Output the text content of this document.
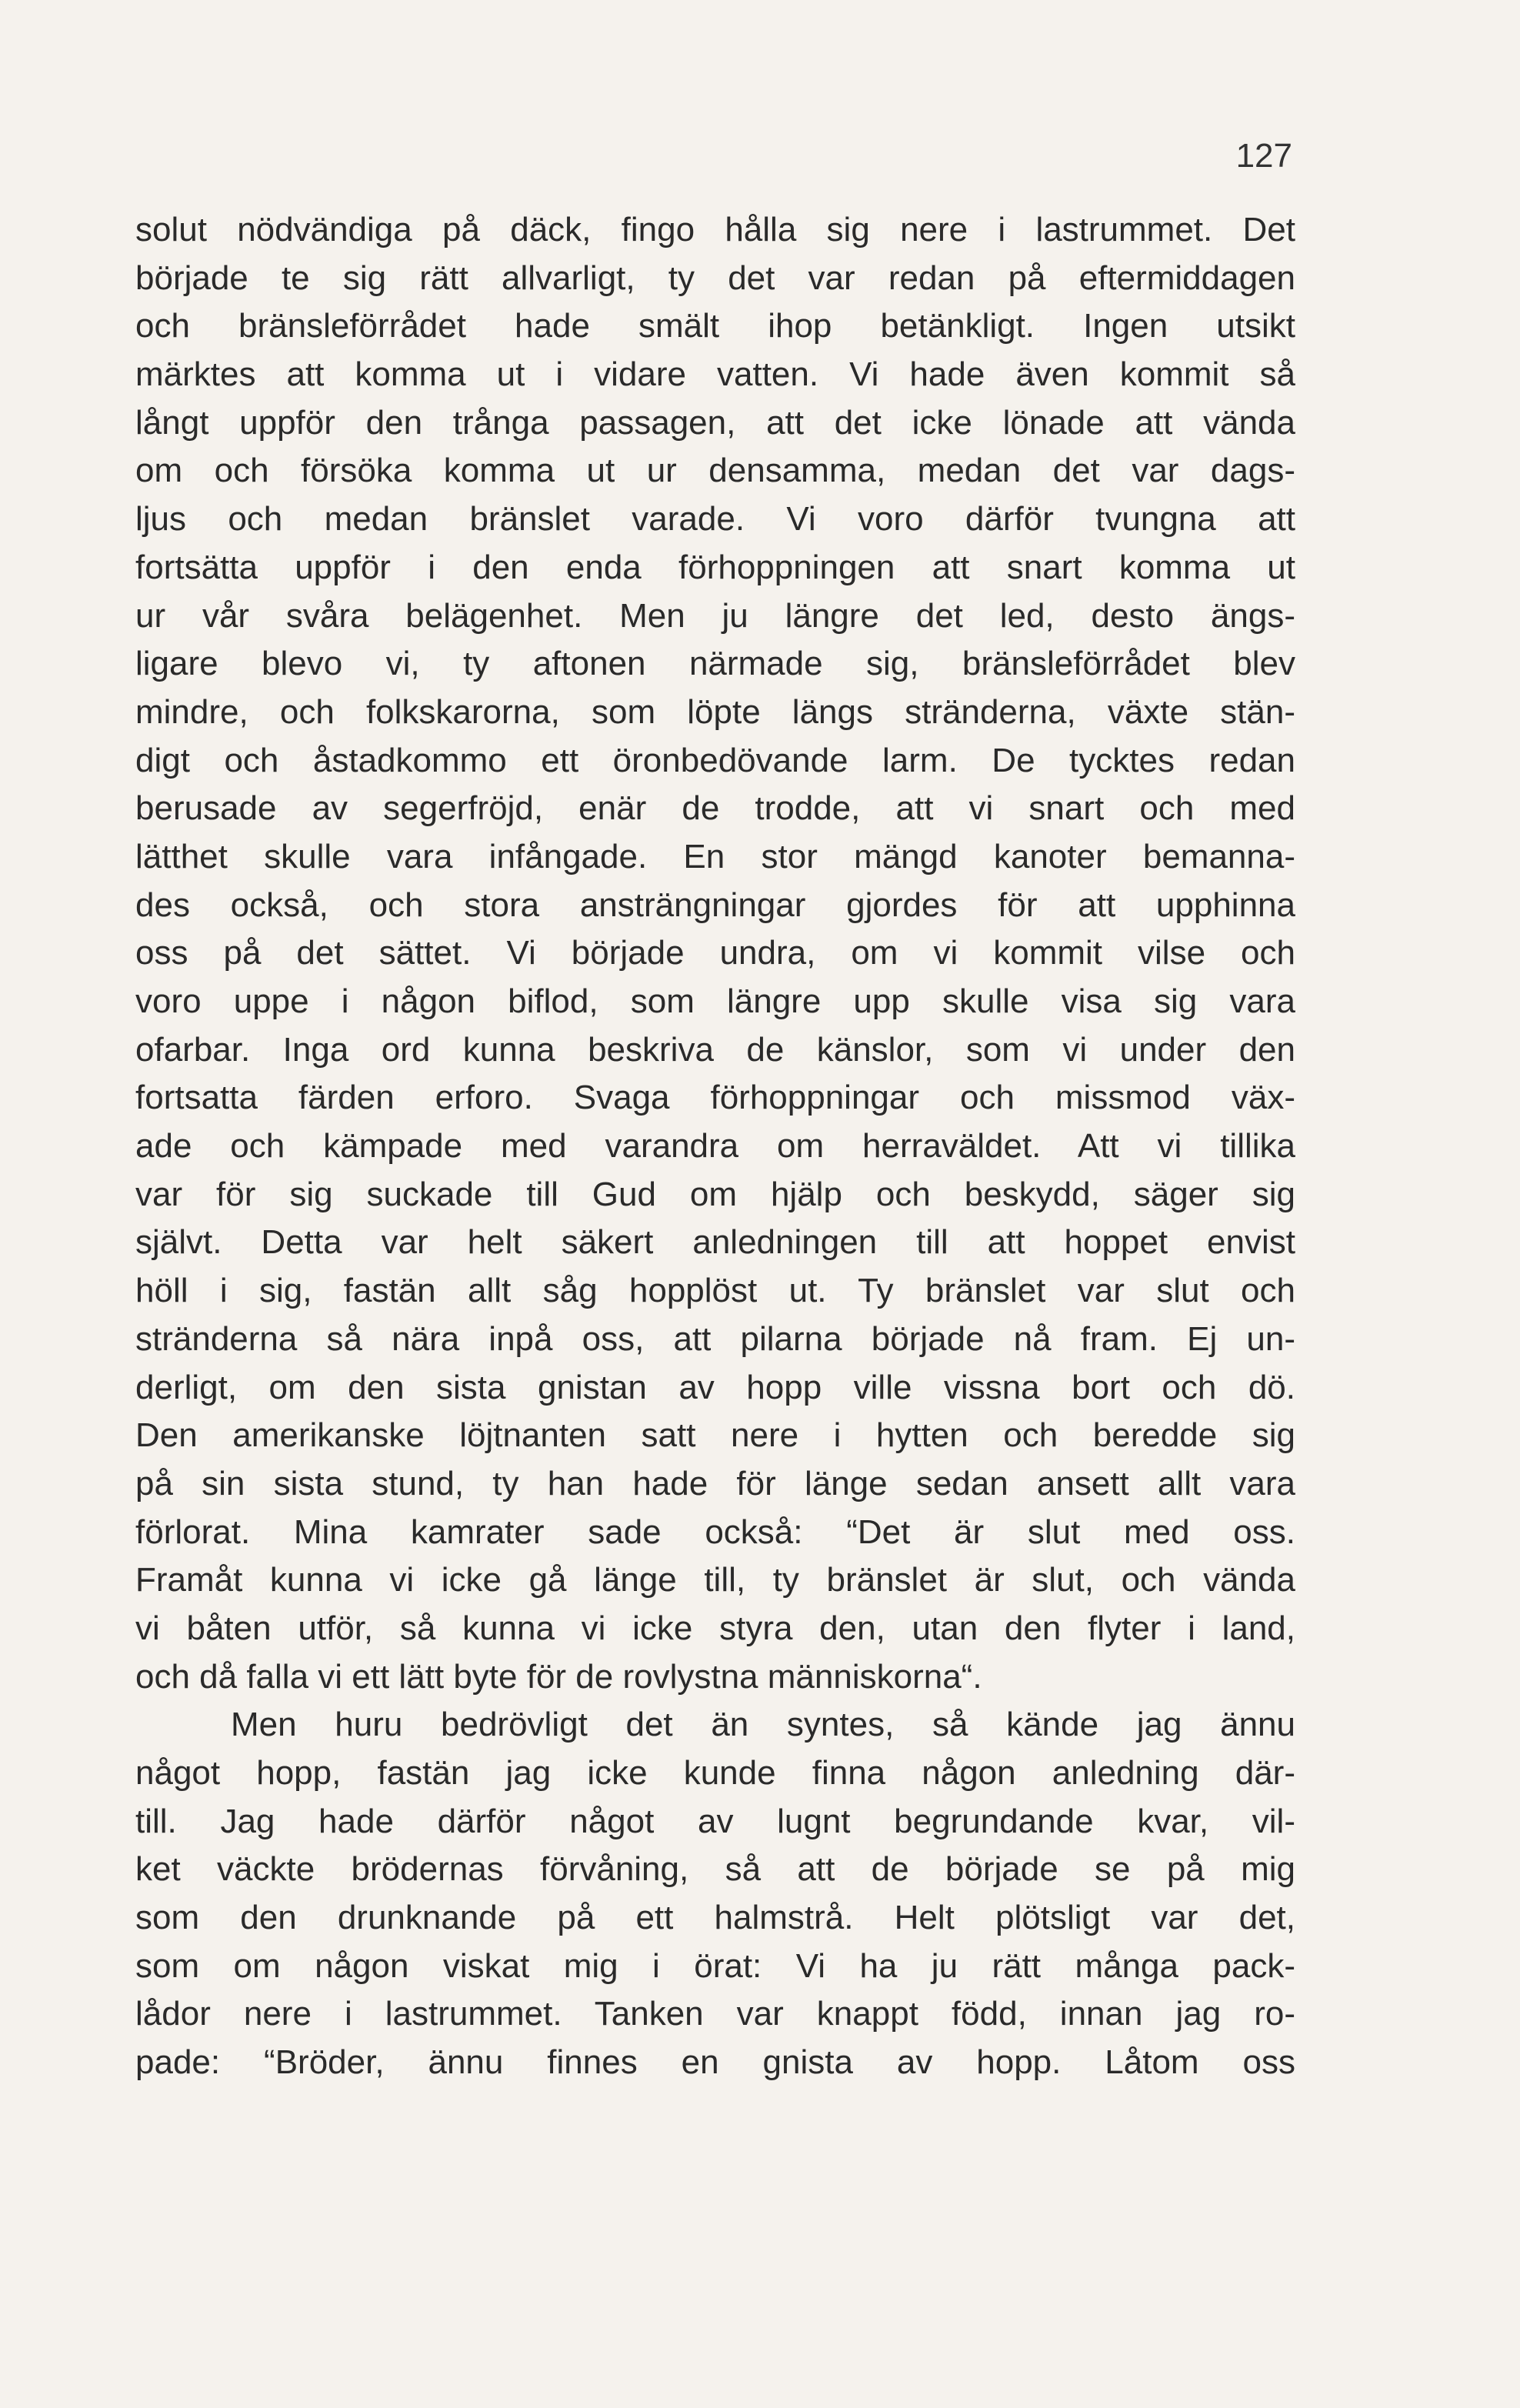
127
solut nödvändiga på däck, fingo hålla sig nere i lastrummet. Det
började te sig rätt allvarligt, ty det var redan på eftermiddagen
och bränsleförrådet hade smält ihop betänkligt. Ingen utsikt
märktes att komma ut i vidare vatten. Vi hade även kommit så
långt uppför den trånga passagen, att det icke lönade att vända
om och försöka komma ut ur densamma, medan det var dags-
ljus och medan bränslet varade. Vi voro därför tvungna att
fortsätta uppför i den enda förhoppningen att snart komma ut
ur vår svåra belägenhet. Men ju längre det led, desto ängs-
ligare blevo vi, ty aftonen närmade sig, bränsleförrådet blev
mindre, och folkskarorna, som löpte längs stränderna, växte stän-
digt och åstadkommo ett öronbedövande larm. De tycktes redan
berusade av segerfröjd, enär de trodde, att vi snart och med
lätthet skulle vara infångade. En stor mängd kanoter bemanna-
des också, och stora ansträngningar gjordes för att upphinna
oss på det sättet. Vi började undra, om vi kommit vilse och
voro uppe i någon biflod, som längre upp skulle visa sig vara
ofarbar. Inga ord kunna beskriva de känslor, som vi under den
fortsatta färden erforo. Svaga förhoppningar och missmod väx-
ade och kämpade med varandra om herraväldet. Att vi tillika
var för sig suckade till Gud om hjälp och beskydd, säger sig
självt. Detta var helt säkert anledningen till att hoppet envist
höll i sig, fastän allt såg hopplöst ut. Ty bränslet var slut och
stränderna så nära inpå oss, att pilarna började nå fram. Ej un-
derligt, om den sista gnistan av hopp ville vissna bort och dö.
Den amerikanske löjtnanten satt nere i hytten och beredde sig
på sin sista stund, ty han hade för länge sedan ansett allt vara
förlorat. Mina kamrater sade också: “Det är slut med oss.
Framåt kunna vi icke gå länge till, ty bränslet är slut, och vända
vi båten utför, så kunna vi icke styra den, utan den flyter i land,
och då falla vi ett lätt byte för de rovlystna människorna“.
Men huru bedrövligt det än syntes, så kände jag ännu
något hopp, fastän jag icke kunde finna någon anledning där-
till. Jag hade därför något av lugnt begrundande kvar, vil-
ket väckte brödernas förvåning, så att de började se på mig
som den drunknande på ett halmstrå. Helt plötsligt var det,
som om någon viskat mig i örat: Vi ha ju rätt många pack-
lådor nere i lastrummet. Tanken var knappt född, innan jag ro-
pade: “Bröder, ännu finnes en gnista av hopp. Låtom oss
